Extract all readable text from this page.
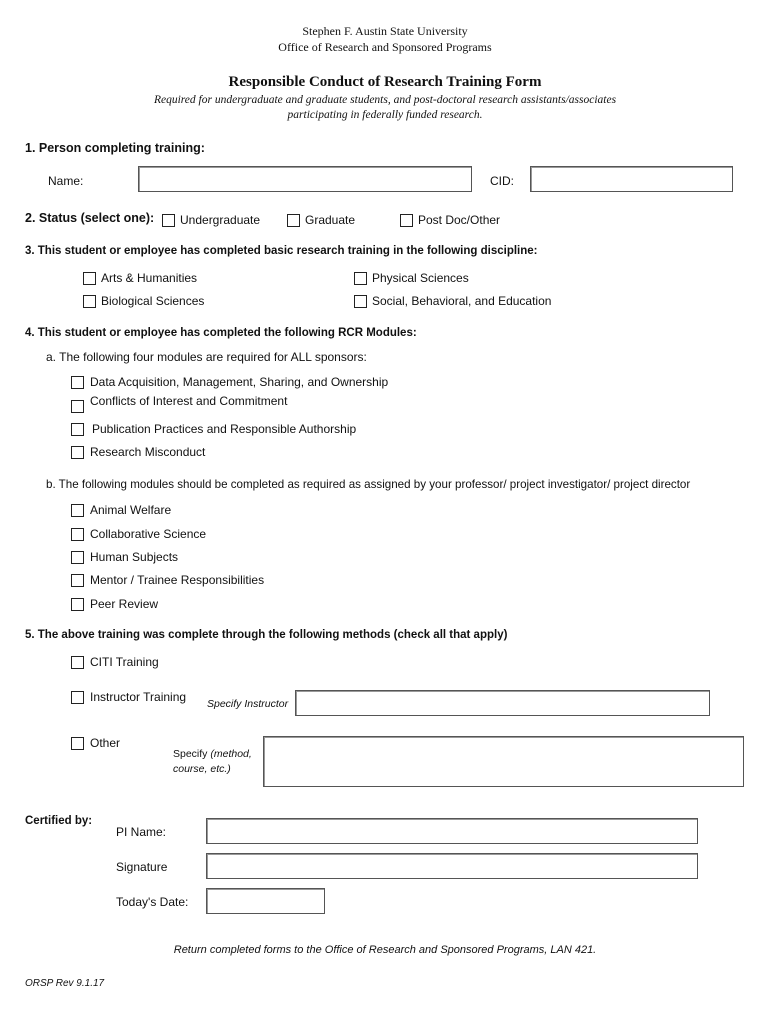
Stephen F. Austin State University
Office of Research and Sponsored Programs
Responsible Conduct of Research Training Form
Required for undergraduate and graduate students, and post-doctoral research assistants/associates
participating in federally funded research.
1. Person completing training:
Name:	CID:
2. Status (select one): Undergraduate	Graduate	Post Doc/Other
3. This student or employee has completed basic research training in the following discipline:
Arts & Humanities	Physical Sciences
Biological Sciences	Social, Behavioral, and Education
4. This student or employee has completed the following RCR Modules:
a. The following four modules are required for ALL sponsors:
Data Acquisition, Management, Sharing, and Ownership
Conflicts of Interest and Commitment
Publication Practices and Responsible Authorship
Research Misconduct
b. The following modules should be completed as required as assigned by your professor/ project investigator/ project director
Animal Welfare
Collaborative Science
Human Subjects
Mentor / Trainee Responsibilities
Peer Review
5. The above training was complete through the following methods (check all that apply)
CITI Training
Instructor Training Specify Instructor
Other
Specify (method,
course, etc.)
Certified by:
PI Name:
Signature
Today's Date:
Return completed forms to the Office of Research and Sponsored Programs, LAN 421.
ORSP Rev 9.1.17
